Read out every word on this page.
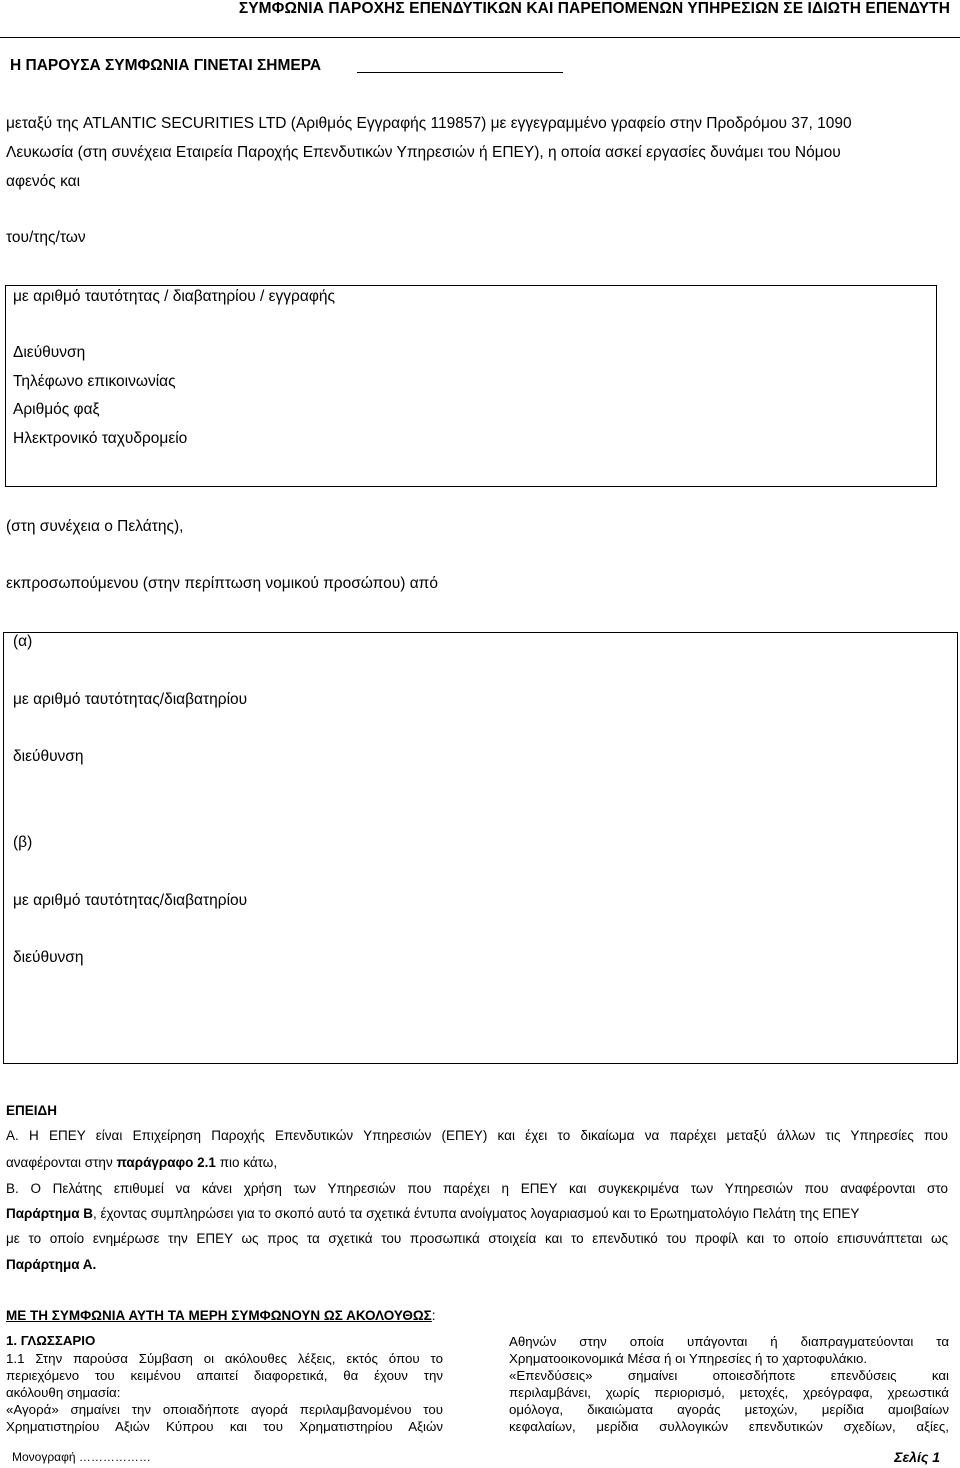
ΣΥΜΦΩΝΙΑ ΠΑΡΟΧΗΣ ΕΠΕΝΔΥΤΙΚΩΝ ΚΑΙ ΠΑΡΕΠΟΜΕΝΩΝ ΥΠΗΡΕΣΙΩΝ ΣΕ ΙΔΙΩΤΗ ΕΠΕΝΔΥΤΗ
Η ΠΑΡΟΥΣΑ ΣΥΜΦΩΝΙΑ ΓΙΝΕΤΑΙ ΣΗΜΕΡΑ
μεταξύ της ATLANTIC SECURITIES LTD (Αριθμός Εγγραφής 119857) με εγγεγραμμένο γραφείο στην Προδρόμου 37, 1090
Λευκωσία (στη συνέχεια Εταιρεία Παροχής Επενδυτικών Υπηρεσιών ή ΕΠΕΥ), η οποία ασκεί εργασίες δυνάμει του Νόμου
αφενός και
του/της/των
με αριθμό ταυτότητας / διαβατηρίου / εγγραφής
Διεύθυνση
Τηλέφωνο επικοινωνίας
Αριθμός φαξ
Ηλεκτρονικό ταχυδρομείο
(στη συνέχεια ο Πελάτης),
εκπροσωπούμενου (στην περίπτωση νομικού προσώπου) από
(α)
με αριθμό ταυτότητας/διαβατηρίου
διεύθυνση
(β)
με αριθμό ταυτότητας/διαβατηρίου
διεύθυνση
ΕΠΕΙΔΗ
Α. Η ΕΠΕΥ είναι Επιχείρηση Παροχής Επενδυτικών Υπηρεσιών (ΕΠΕΥ) και έχει το δικαίωμα να παρέχει μεταξύ άλλων τις Υπηρεσίες που
αναφέρονται στην παράγραφο 2.1 πιο κάτω,
Β. Ο Πελάτης επιθυμεί να κάνει χρήση των Υπηρεσιών που παρέχει η ΕΠΕΥ και συγκεκριμένα των Υπηρεσιών που αναφέρονται στο
Παράρτημα Β, έχοντας συμπληρώσει για το σκοπό αυτό τα σχετικά έντυπα ανοίγματος λογαριασμού και το Ερωτηματολόγιο Πελάτη της ΕΠΕΥ
με το οποίο ενημέρωσε την ΕΠΕΥ ως προς τα σχετικά του προσωπικά στοιχεία και το επενδυτικό του προφίλ και το οποίο επισυνάπτεται ως
Παράρτημα Α.
ΜΕ ΤΗ ΣΥΜΦΩΝΙΑ ΑΥΤΗ ΤΑ ΜΕΡΗ ΣΥΜΦΩΝΟΥΝ ΩΣ ΑΚΟΛΟΥΘΩΣ:
1. ΓΛΩΣΣΑΡΙΟ
1.1 Στην παρούσα Σύμβαση οι ακόλουθες λέξεις, εκτός όπου το
περιεχόμενο του κειμένου απαιτεί διαφορετικά, θα έχουν την
ακόλουθη σημασία:
«Αγορά» σημαίνει την οποιαδήποτε αγορά περιλαμβανομένου του
Χρηματιστηρίου Αξιών Κύπρου και του Χρηματιστηρίου Αξιών
Αθηνών στην οποία υπάγονται ή διαπραγματεύονται τα
Χρηματοοικονομικά Μέσα ή οι Υπηρεσίες ή το χαρτοφυλάκιο.
«Επενδύσεις» σημαίνει οποιεσδήποτε επενδύσεις και
περιλαμβάνει, χωρίς περιορισμό, μετοχές, χρεόγραφα, χρεωστικά
ομόλογα, δικαιώματα αγοράς μετοχών, μερίδια αμοιβαίων
κεφαλαίων, μερίδια συλλογικών επενδυτικών σχεδίων, αξίες,
Μονογραφή ………………	Σελίς 1
